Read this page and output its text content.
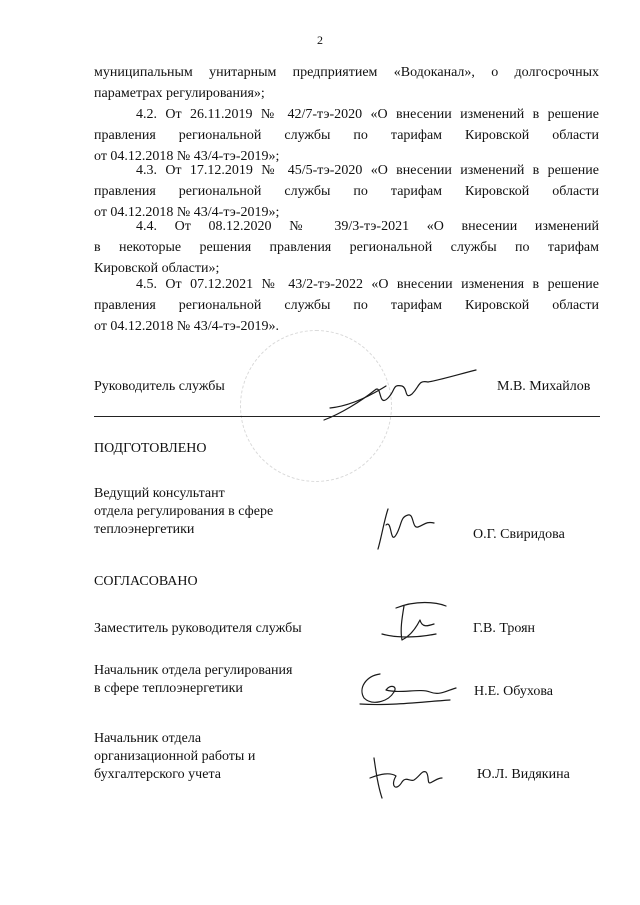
2
муниципальным унитарным предприятием «Водоканал», о долгосрочных
параметрах регулирования»;
4.2. От 26.11.2019 № 42/7-тэ-2020 «О внесении изменений в решение
правления региональной службы по тарифам Кировской области
от 04.12.2018 № 43/4-тэ-2019»;
4.3. От 17.12.2019 № 45/5-тэ-2020 «О внесении изменений в решение
правления региональной службы по тарифам Кировской области
от 04.12.2018 № 43/4-тэ-2019»;
4.4. От 08.12.2020 № 39/3-тэ-2021 «О внесении изменений
в некоторые решения правления региональной службы по тарифам
Кировской области»;
4.5. От 07.12.2021 № 43/2-тэ-2022 «О внесении изменения в решение
правления региональной службы по тарифам Кировской области
от 04.12.2018 № 43/4-тэ-2019».
Руководитель службы	М.В. Михайлов
ПОДГОТОВЛЕНО
Ведущий консультант
отдела регулирования в сфере
теплоэнергетики	О.Г. Свиридова
СОГЛАСОВАНО
Заместитель руководителя службы	Г.В. Троян
Начальник отдела регулирования
в сфере теплоэнергетики	Н.Е. Обухова
Начальник отдела
организационной работы и
бухгалтерского учета	Ю.Л. Видякина
